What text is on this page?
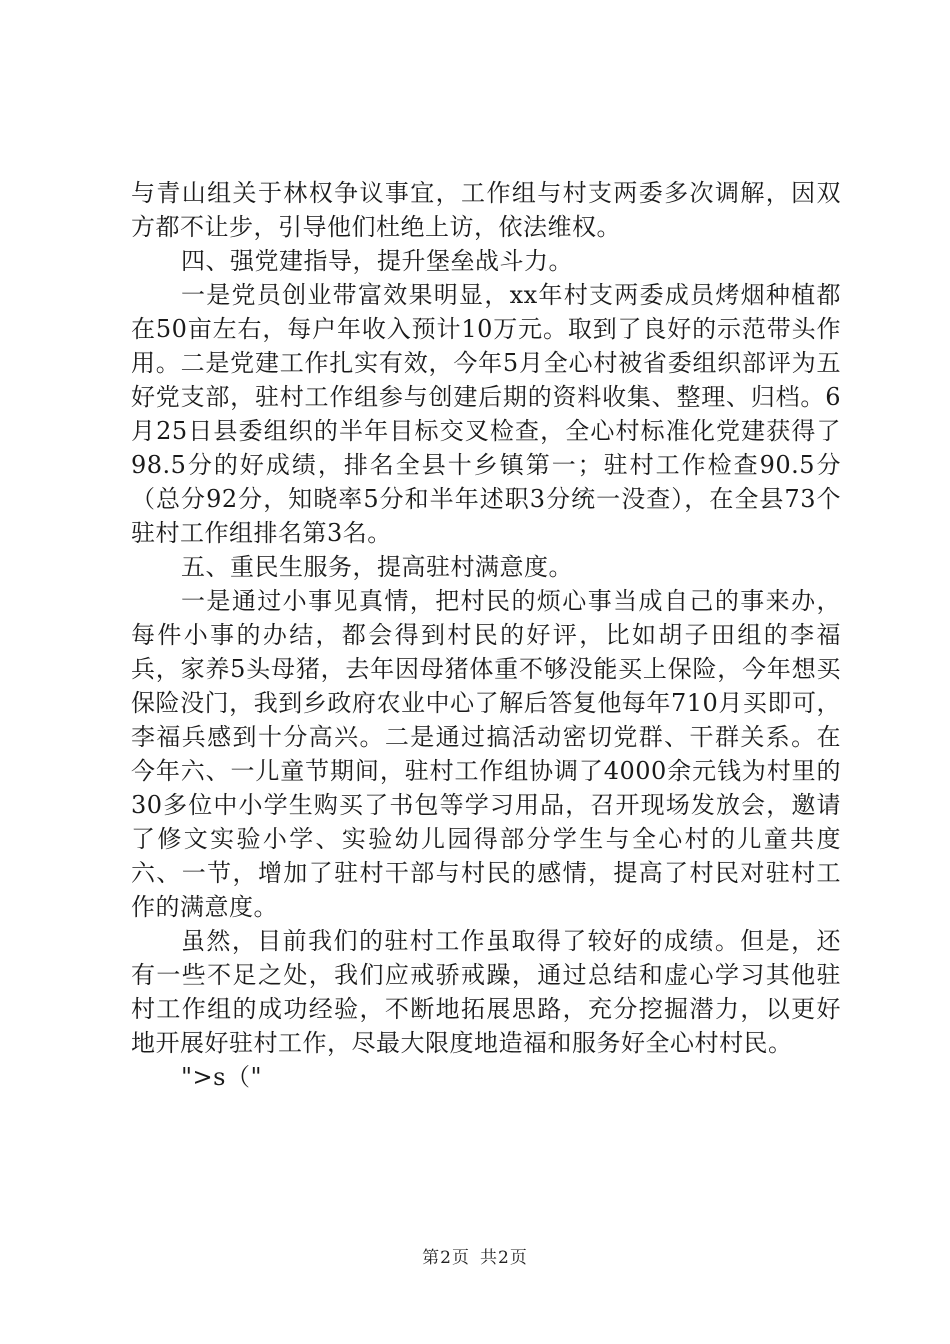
与青山组关于林权争议事宜，工作组与村支两委多次调解，因双方都不让步，引导他们杜绝上访，依法维权。

四、强党建指导，提升堡垒战斗力。

一是党员创业带富效果明显，xx年村支两委成员烤烟种植都在50亩左右，每户年收入预计10万元。取到了良好的示范带头作用。二是党建工作扎实有效，今年5月全心村被省委组织部评为五好党支部，驻村工作组参与创建后期的资料收集、整理、归档。6月25日县委组织的半年目标交叉检查，全心村标准化党建获得了98.5分的好成绩，排名全县十乡镇第一；驻村工作检查90.5分（总分92分，知晓率5分和半年述职3分统一没查），在全县73个驻村工作组排名第3名。

五、重民生服务，提高驻村满意度。

一是通过小事见真情，把村民的烦心事当成自己的事来办，每件小事的办结，都会得到村民的好评，比如胡子田组的李福兵，家养5头母猪，去年因母猪体重不够没能买上保险，今年想买保险没门，我到乡政府农业中心了解后答复他每年710月买即可，李福兵感到十分高兴。二是通过搞活动密切党群、干群关系。在今年六、一儿童节期间，驻村工作组协调了4000余元钱为村里的30多位中小学生购买了书包等学习用品，召开现场发放会，邀请了修文实验小学、实验幼儿园得部分学生与全心村的儿童共度六、一节，增加了驻村干部与村民的感情，提高了村民对驻村工作的满意度。

虽然，目前我们的驻村工作虽取得了较好的成绩。但是，还有一些不足之处，我们应戒骄戒躁，通过总结和虚心学习其他驻村工作组的成功经验，不断地拓展思路，充分挖掘潜力，以更好地开展好驻村工作，尽最大限度地造福和服务好全心村村民。

">s（"

第2页 共2页
